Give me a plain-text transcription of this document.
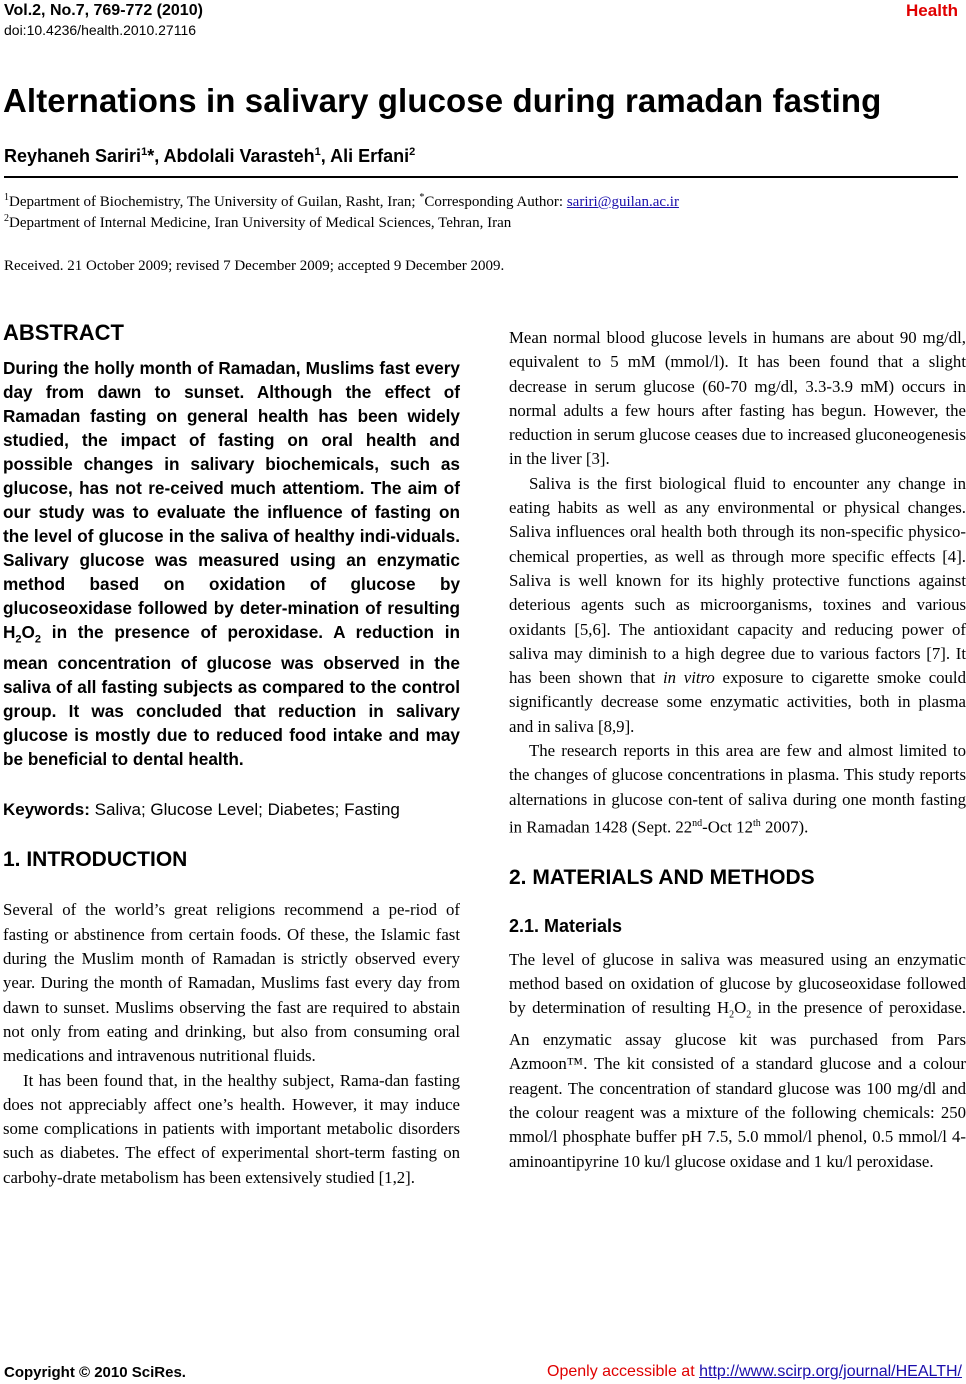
Vol.2, No.7, 769-772 (2010)
doi:10.4236/health.2010.27116
Health
Alternations in salivary glucose during ramadan fasting
Reyhaneh Sariri$^1$*, Abdolali Varasteh$^1$, Ali Erfani$^2$
$^1$Department of Biochemistry, The University of Guilan, Rasht, Iran; *Corresponding Author: sariri@guilan.ac.ir
$^2$Department of Internal Medicine, Iran University of Medical Sciences, Tehran, Iran
Received. 21 October 2009; revised 7 December 2009; accepted 9 December 2009.
ABSTRACT

During the holly month of Ramadan, Muslims fast every day from dawn to sunset. Although the effect of Ramadan fasting on general health has been widely studied, the impact of fasting on oral health and possible changes in salivary biochemicals, such as glucose, has not re-ceived much attentiom. The aim of our study was to evaluate the influence of fasting on the level of glucose in the saliva of healthy indi-viduals. Salivary glucose was measured using an enzymatic method based on oxidation of glucose by glucoseoxidase followed by deter-mination of resulting $H_2O_2$ in the presence of peroxidase. A reduction in mean concentration of glucose was observed in the saliva of all fasting subjects as compared to the control group. It was concluded that reduction in salivary glucose is mostly due to reduced food intake and may be beneficial to dental health.

Keywords: Saliva; Glucose Level; Diabetes; Fasting

1. INTRODUCTION

Several of the world’s great religions recommend a pe-riod of fasting or abstinence from certain foods. Of these, the Islamic fast during the Muslim month of Ramadan is strictly observed every year. During the month of Ramadan, Muslims fast every day from dawn to sunset. Muslims observing the fast are required to abstain not only from eating and drinking, but also from consuming oral medications and intravenous nutritional fluids.

It has been found that, in the healthy subject, Rama-dan fasting does not appreciably affect one’s health. However, it may induce some complications in patients with important metabolic disorders such as diabetes. The effect of experimental short-term fasting on carbohy-drate metabolism has been extensively studied [1,2].

Mean normal blood glucose levels in humans are about 90 mg/dl, equivalent to 5 mM (mmol/l). It has been found that a slight decrease in serum glucose (60-70 mg/dl, 3.3-3.9 mM) occurs in normal adults a few hours after fasting has begun. However, the reduction in serum glucose ceases due to increased gluconeogenesis in the liver [3].

Saliva is the first biological fluid to encounter any change in eating habits as well as any environmental or physical changes. Saliva influences oral health both through its non-specific physico-chemical properties, as well as through more specific effects [4]. Saliva is well known for its highly protective functions against deterious agents such as microorganisms, toxines and various oxidants [5,6]. The antioxidant capacity and reducing power of saliva may diminish to a high degree due to various factors [7]. It has been shown that in vitro exposure to cigarette smoke could significantly decrease some enzymatic activities, both in plasma and in saliva [8,9].

The research reports in this area are few and almost limited to the changes of glucose concentrations in plasma. This study reports alternations in glucose con-tent of saliva during one month fasting in Ramadan 1428 (Sept. 22nd-Oct 12th 2007).

2. MATERIALS AND METHODS
2.1. Materials

The level of glucose in saliva was measured using an enzymatic method based on oxidation of glucose by glucoseoxidase followed by determination of resulting $H_2O_2$ in the presence of peroxidase. An enzymatic assay glucose kit was purchased from Pars Azmoon™. The kit consisted of a standard glucose and a colour reagent. The concentration of standard glucose was 100 mg/dl and the colour reagent was a mixture of the following chemicals: 250 mmol/l phosphate buffer pH 7.5, 5.0 mmol/l phenol, 0.5 mmol/l 4-aminoantipyrine 10 ku/l glucose oxidase and 1 ku/l peroxidase.

Copyright © 2010 SciRes.	Openly accessible at http://www.scirp.org/journal/HEALTH/
